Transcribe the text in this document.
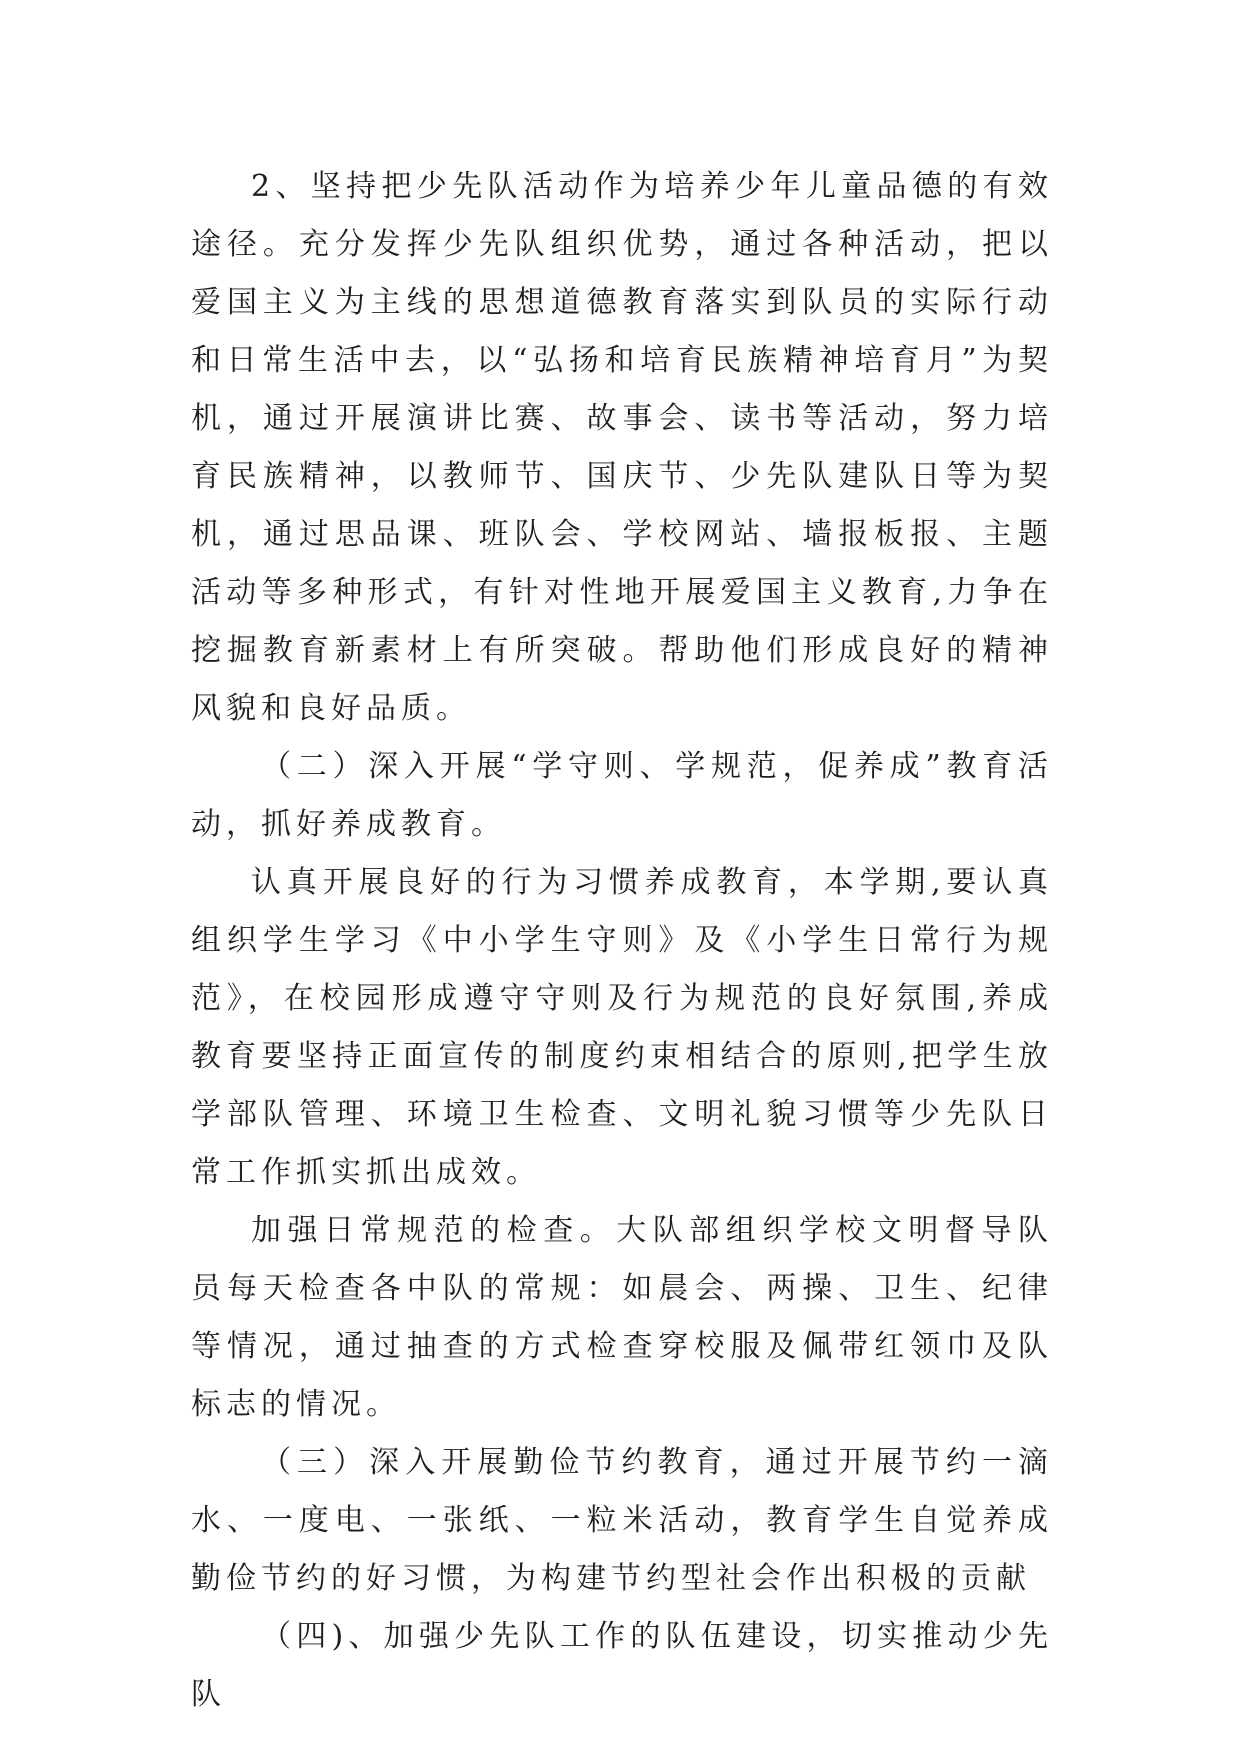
2、坚持把少先队活动作为培养少年儿童品德的有效途径。充分发挥少先队组织优势，通过各种活动，把以爱国主义为主线的思想道德教育落实到队员的实际行动和日常生活中去，以“弘扬和培育民族精神培育月”为契机，通过开展演讲比赛、故事会、读书等活动，努力培育民族精神，以教师节、国庆节、少先队建队日等为契机，通过思品课、班队会、学校网站、墙报板报、主题活动等多种形式，有针对性地开展爱国主义教育,力争在挖掘教育新素材上有所突破。帮助他们形成良好的精神风貌和良好品质。

（二）深入开展“学守则、学规范，促养成”教育活动，抓好养成教育。

认真开展良好的行为习惯养成教育，本学期,要认真组织学生学习《中小学生守则》及《小学生日常行为规范》，在校园形成遵守守则及行为规范的良好氛围,养成教育要坚持正面宣传的制度约束相结合的原则,把学生放学部队管理、环境卫生检查、文明礼貌习惯等少先队日常工作抓实抓出成效。

加强日常规范的检查。大队部组织学校文明督导队员每天检查各中队的常规：如晨会、两操、卫生、纪律等情况，通过抽查的方式检查穿校服及佩带红领巾及队标志的情况。

（三）深入开展勤俭节约教育，通过开展节约一滴水、一度电、一张纸、一粒米活动，教育学生自觉养成勤俭节约的好习惯，为构建节约型社会作出积极的贡献

（四)、加强少先队工作的队伍建设，切实推动少先队
